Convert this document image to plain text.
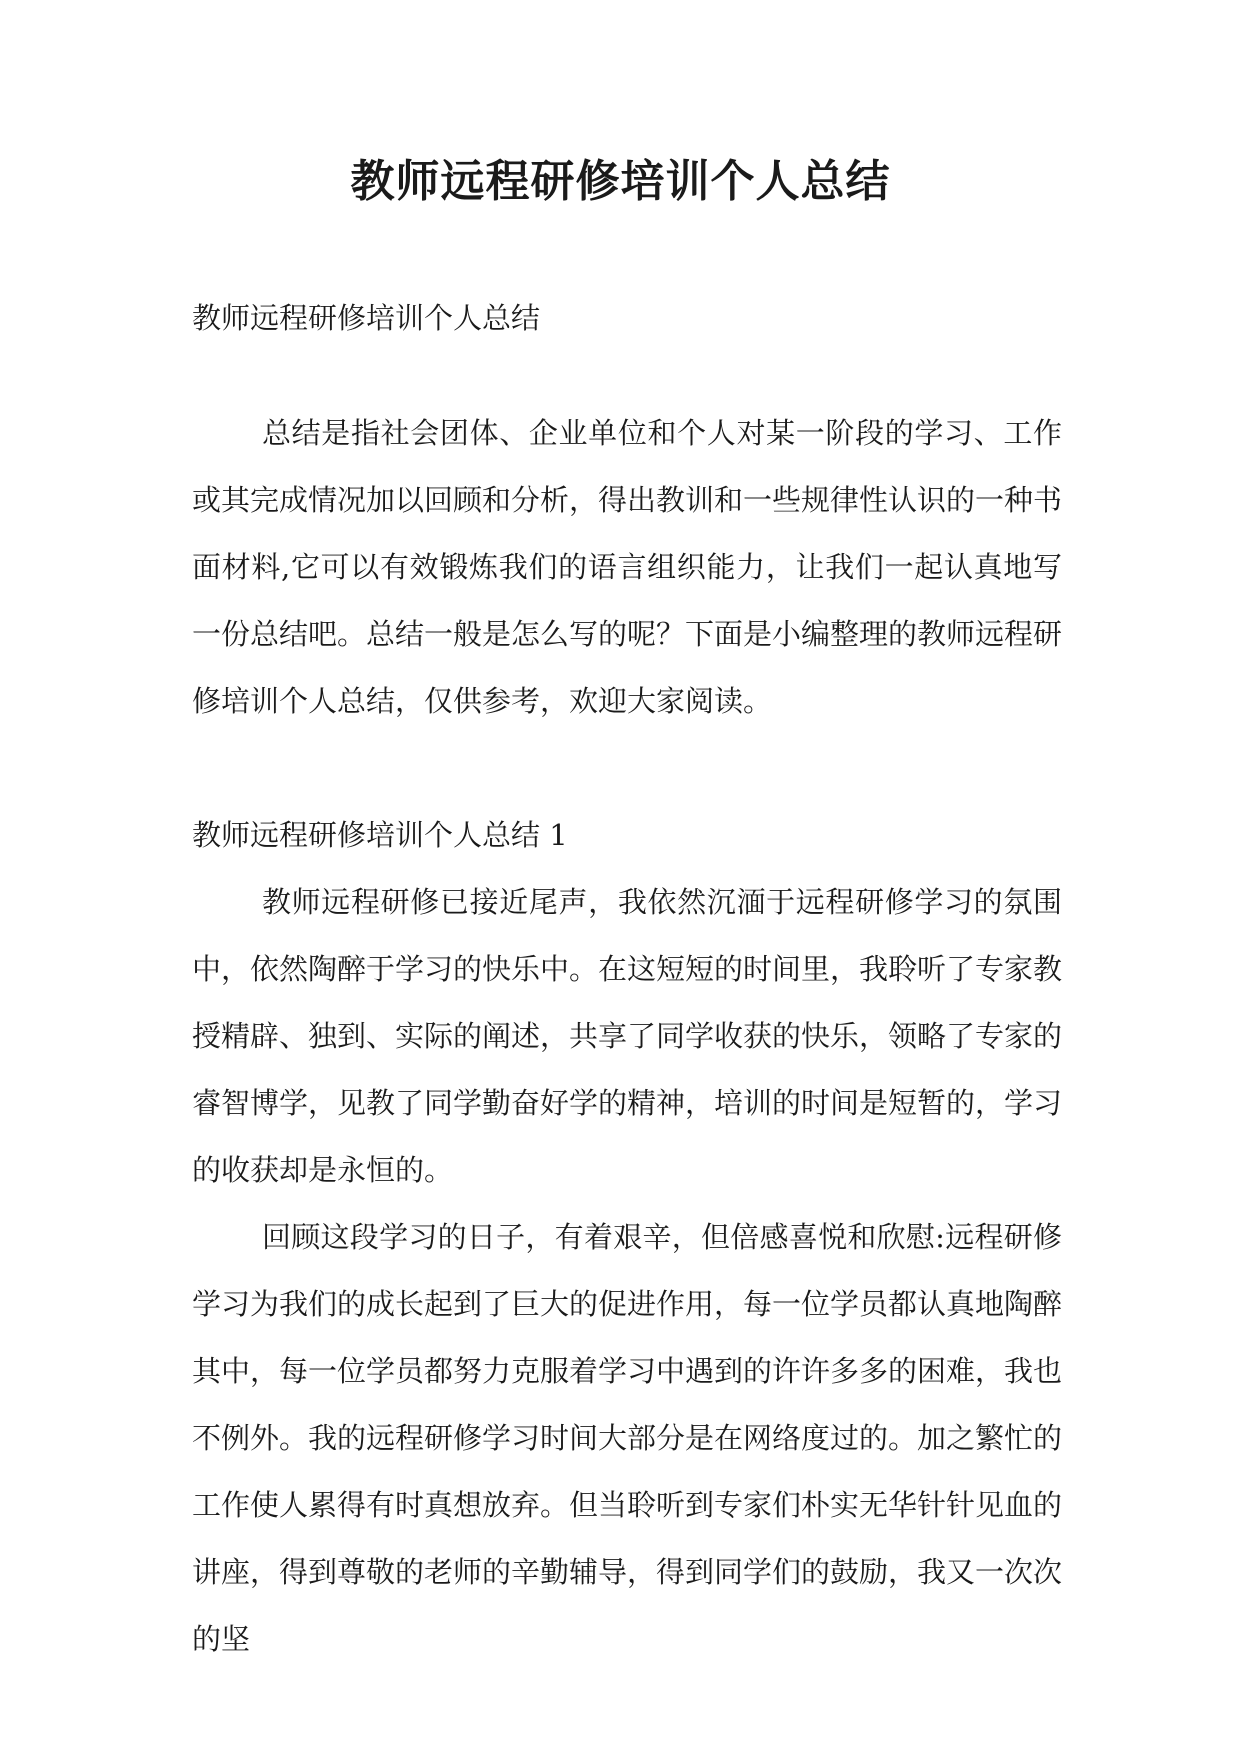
教师远程研修培训个人总结

教师远程研修培训个人总结

总结是指社会团体、企业单位和个人对某一阶段的学习、工作或其完成情况加以回顾和分析，得出教训和一些规律性认识的一种书面材料,它可以有效锻炼我们的语言组织能力，让我们一起认真地写一份总结吧。总结一般是怎么写的呢？下面是小编整理的教师远程研修培训个人总结，仅供参考，欢迎大家阅读。

教师远程研修培训个人总结 1

教师远程研修已接近尾声，我依然沉湎于远程研修学习的氛围中，依然陶醉于学习的快乐中。在这短短的时间里，我聆听了专家教授精辟、独到、实际的阐述，共享了同学收获的快乐，领略了专家的睿智博学，见教了同学勤奋好学的精神，培训的时间是短暂的，学习的收获却是永恒的。

回顾这段学习的日子，有着艰辛，但倍感喜悦和欣慰:远程研修学习为我们的成长起到了巨大的促进作用，每一位学员都认真地陶醉其中，每一位学员都努力克服着学习中遇到的许许多多的困难，我也不例外。我的远程研修学习时间大部分是在网络度过的。加之繁忙的工作使人累得有时真想放弃。但当聆听到专家们朴实无华针针见血的讲座，得到尊敬的老师的辛勤辅导，得到同学们的鼓励，我又一次次的坚
